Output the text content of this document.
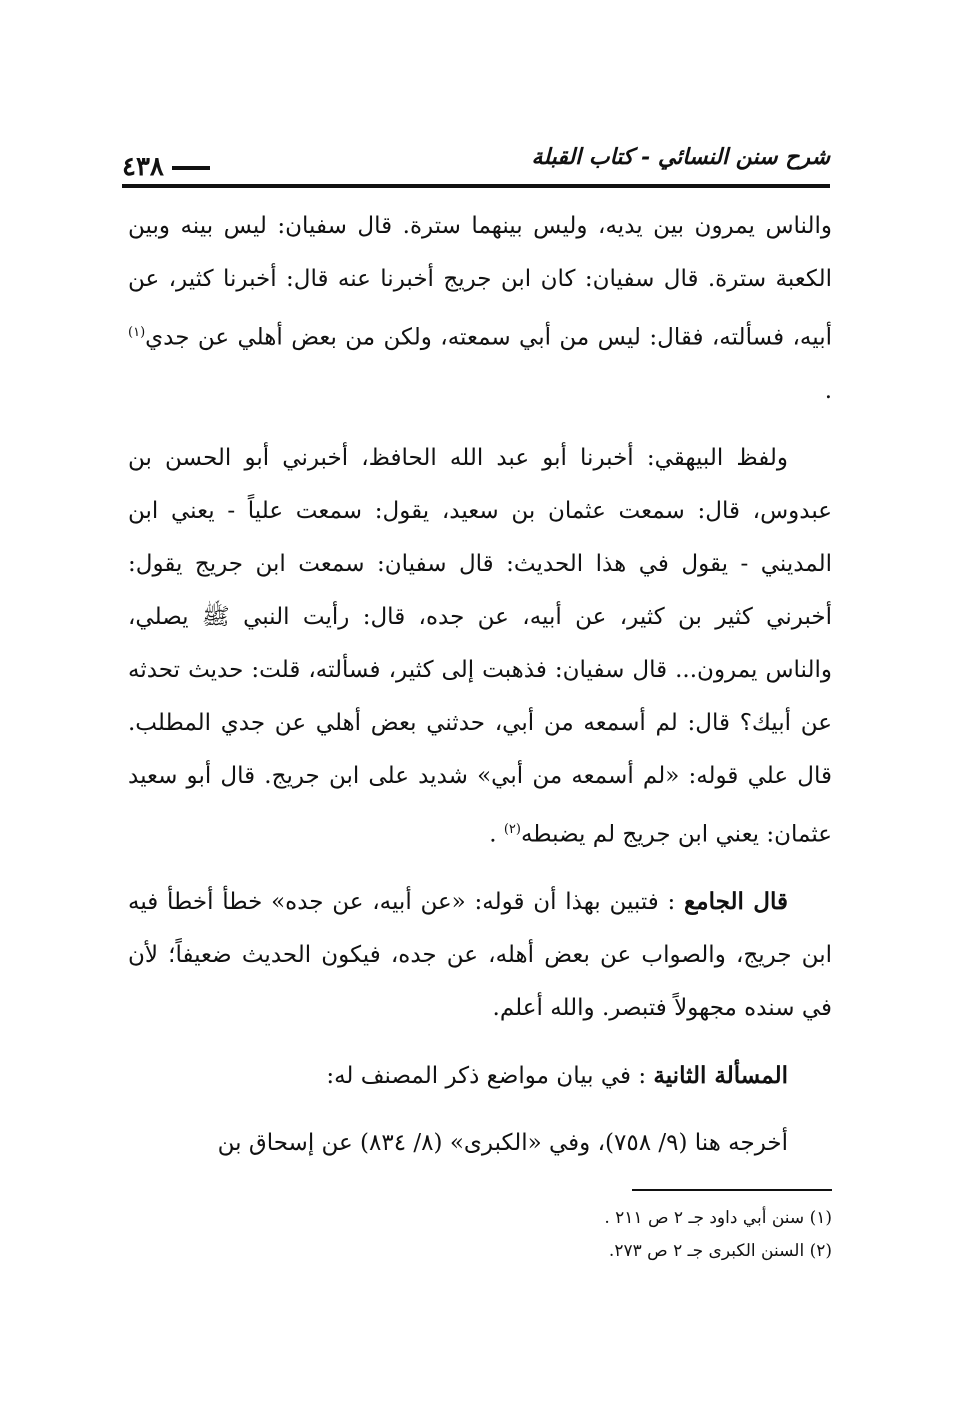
شرح سنن النسائي - كتاب القبلة
٤٣٨

والناس يمرون بين يديه، وليس بينهما سترة. قال سفيان: ليس بينه وبين الكعبة سترة. قال سفيان: كان ابن جريج أخبرنا عنه قال: أخبرنا كثير، عن أبيه، فسألته، فقال: ليس من أبي سمعته، ولكن من بعض أهلي عن جدي$^{(١)}$ .

ولفظ البيهقي: أخبرنا أبو عبد الله الحافظ، أخبرني أبو الحسن بن عبدوس، قال: سمعت عثمان بن سعيد، يقول: سمعت علياً - يعني ابن المديني - يقول في هذا الحديث: قال سفيان: سمعت ابن جريج يقول: أخبرني كثير بن كثير، عن أبيه، عن جده، قال: رأيت النبي ﷺ يصلي، والناس يمرون... قال سفيان: فذهبت إلى كثير، فسألته، قلت: حديث تحدثه عن أبيك؟ قال: لم أسمعه من أبي، حدثني بعض أهلي عن جدي المطلب. قال علي قوله: «لم أسمعه من أبي» شديد على ابن جريج. قال أبو سعيد عثمان: يعني ابن جريج لم يضبطه$^{(٢)}$ .

قال الجامع : فتبين بهذا أن قوله: «عن أبيه، عن جده» خطأ أخطأ فيه ابن جريج، والصواب عن بعض أهله، عن جده، فيكون الحديث ضعيفاً؛ لأن في سنده مجهولاً فتبصر. والله أعلم.

المسألة الثانية : في بيان مواضع ذكر المصنف له:

أخرجه هنا (٩/ ٧٥٨)، وفي «الكبرى» (٨/ ٨٣٤) عن إسحاق بن

(١) سنن أبي داود جـ ٢ ص ٢١١ .
(٢) السنن الكبرى جـ ٢ ص ٢٧٣.
